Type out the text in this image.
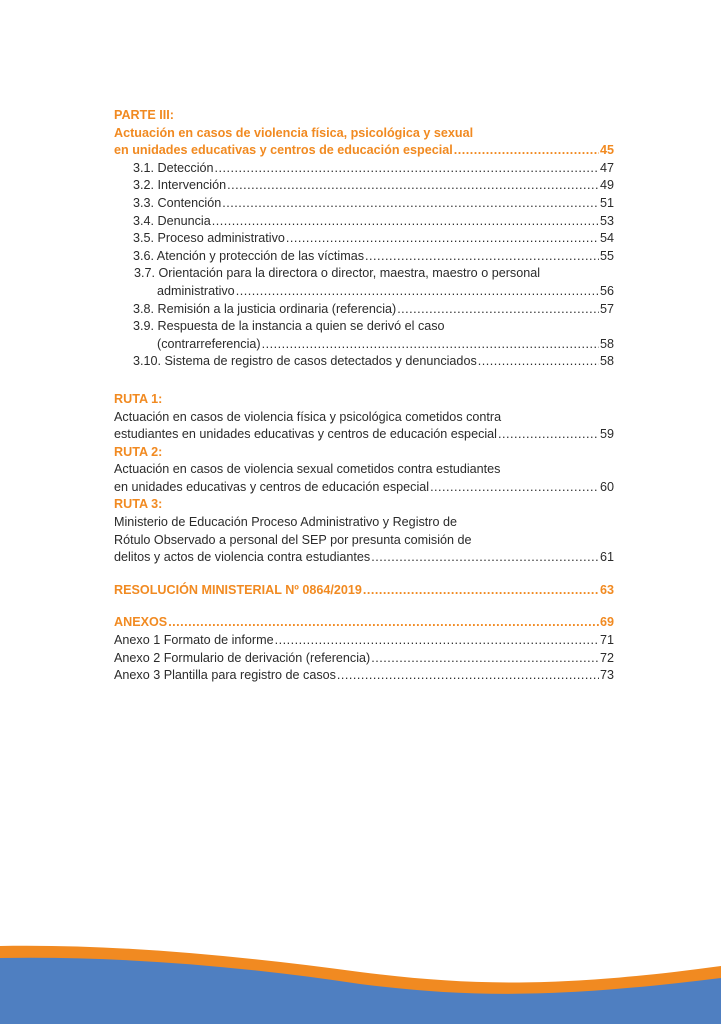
PARTE III:
Actuación en casos de violencia física, psicológica y sexual
en unidades educativas y centros de educación especial .....	45
3.1. Detección .....	47
3.2. Intervención .....	49
3.3. Contención .....	51
3.4. Denuncia .....	53
3.5. Proceso administrativo .....	54
3.6. Atención y protección de las víctimas .....	55
3.7. Orientación para la directora o director, maestra, maestro o personal
administrativo .....	56
3.8. Remisión a la justicia ordinaria (referencia) .....	57
3.9. Respuesta de la instancia a quien se derivó el caso
(contrarreferencia) .....	58
3.10. Sistema de registro de casos detectados y denunciados .....	58
RUTA 1:
Actuación en casos de violencia física y psicológica cometidos contra
estudiantes en unidades educativas y centros de educación especial .....	59
RUTA 2:
Actuación en casos de violencia sexual cometidos contra estudiantes
en unidades educativas y centros de educación especial .....	60
RUTA 3:
Ministerio de Educación Proceso Administrativo y Registro de
Rótulo Observado a personal del SEP por presunta comisión de
delitos y actos de violencia contra estudiantes .....	61
RESOLUCIÓN MINISTERIAL Nº 0864/2019 .....	63
ANEXOS .....	69
Anexo 1 Formato de informe .....	71
Anexo 2 Formulario de derivación (referencia) .....	72
Anexo 3 Plantilla para registro de casos .....	73
